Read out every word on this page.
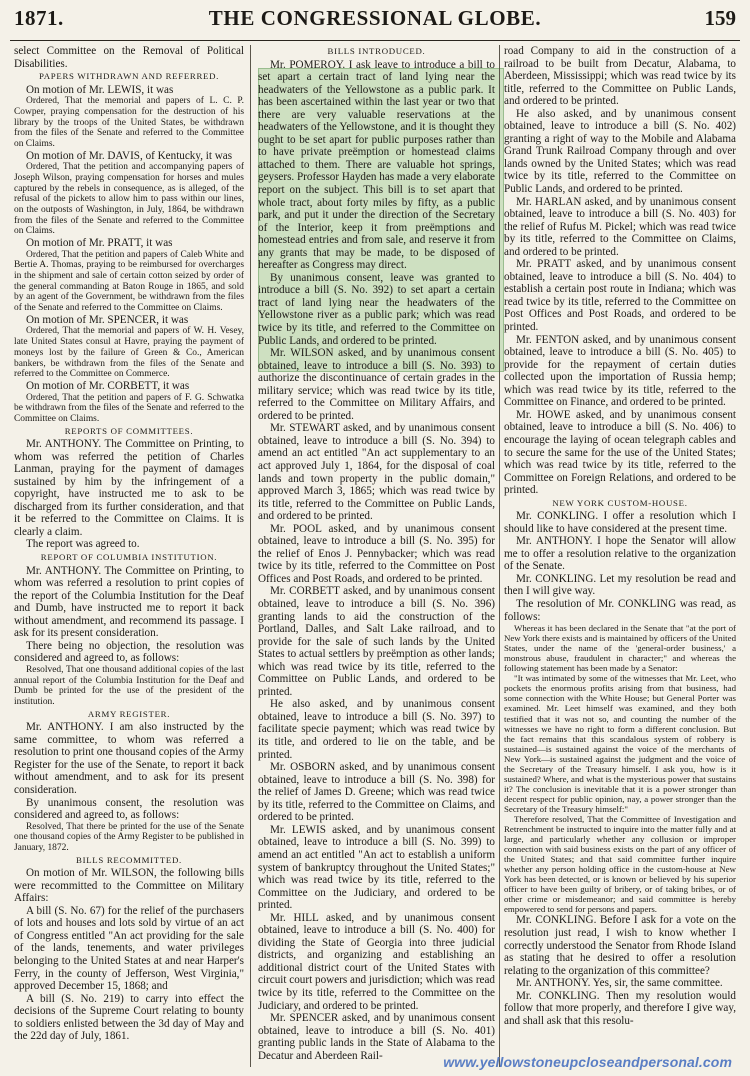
1871.	THE CONGRESSIONAL GLOBE.	159

select Committee on the Removal of Political Disabilities.

PAPERS WITHDRAWN AND REFERRED.

On motion of Mr. LEWIS, it was

Ordered, That the memorial and papers of L. C. P. Cowper, praying compensation for the destruction of his library by the troops of the United States, be withdrawn from the files of the Senate and referred to the Committee on Claims.

On motion of Mr. DAVIS, of Kentucky, it was

Ordered, That the petition and accompanying papers of Joseph Wilson, praying compensation for horses and mules captured by the rebels in consequence, as is alleged, of the refusal of the pickets to allow him to pass within our lines, on the outposts of Washington, in July, 1864, be withdrawn from the files of the Senate and referred to the Committee on Claims.

On motion of Mr. PRATT, it was

Ordered, That the petition and papers of Caleb White and Bertie A. Thomas, praying to be reimbursed for overcharges in the shipment and sale of certain cotton seized by order of the general commanding at Baton Rouge in 1865, and sold by an agent of the Government, be withdrawn from the files of the Senate and referred to the Committee on Claims.

On motion of Mr. SPENCER, it was

Ordered, That the memorial and papers of W. H. Vesey, late United States consul at Havre, praying the payment of moneys lost by the failure of Green & Co., American bankers, be withdrawn from the files of the Senate and referred to the Committee on Commerce.

On motion of Mr. CORBETT, it was

Ordered, That the petition and papers of F. G. Schwatka be withdrawn from the files of the Senate and referred to the Committee on Claims.

REPORTS OF COMMITTEES.

Mr. ANTHONY. The Committee on Printing, to whom was referred the petition of Charles Lanman, praying for the payment of damages sustained by him by the infringement of a copyright, have instructed me to ask to be discharged from its further consideration, and that it be referred to the Committee on Claims. It is clearly a claim.

The report was agreed to.

REPORT OF COLUMBIA INSTITUTION.

Mr. ANTHONY. The Committee on Printing, to whom was referred a resolution to print copies of the report of the Columbia Institution for the Deaf and Dumb, have instructed me to report it back without amendment, and recommend its passage. I ask for its present consideration.

There being no objection, the resolution was considered and agreed to, as follows:

Resolved, That one thousand additional copies of the last annual report of the Columbia Institution for the Deaf and Dumb be printed for the use of the president of the institution.

ARMY REGISTER.

Mr. ANTHONY. I am also instructed by the same committee, to whom was referred a resolution to print one thousand copies of the Army Register for the use of the Senate, to report it back without amendment, and to ask for its present consideration.

By unanimous consent, the resolution was considered and agreed to, as follows:

Resolved, That there be printed for the use of the Senate one thousand copies of the Army Register to be published in January, 1872.

BILLS RECOMMITTED.

On motion of Mr. WILSON, the following bills were recommitted to the Committee on Military Affairs:

A bill (S. No. 67) for the relief of the purchasers of lots and houses and lots sold by virtue of an act of Congress entitled "An act providing for the sale of the lands, tenements, and water privileges belonging to the United States at and near Harper's Ferry, in the county of Jefferson, West Virginia," approved December 15, 1868; and

A bill (S. No. 219) to carry into effect the decisions of the Supreme Court relating to bounty to soldiers enlisted between the 3d day of May and the 22d day of July, 1861.

BILLS INTRODUCED.

Mr. POMEROY. I ask leave to introduce a bill to set apart a certain tract of land lying near the headwaters of the Yellowstone as a public park. It has been ascertained within the last year or two that there are very valuable reservations at the headwaters of the Yellowstone, and it is thought they ought to be set apart for public purposes rather than to have private preëmption or homestead claims attached to them. There are valuable hot springs, geysers. Professor Hayden has made a very elaborate report on the subject. This bill is to set apart that whole tract, about forty miles by fifty, as a public park, and put it under the direction of the Secretary of the Interior, keep it from preëmptions and homestead entries and from sale, and reserve it from any grants that may be made, to be disposed of hereafter as Congress may direct.

By unanimous consent, leave was granted to introduce a bill (S. No. 392) to set apart a certain tract of land lying near the headwaters of the Yellowstone river as a public park; which was read twice by its title, and referred to the Committee on Public Lands, and ordered to be printed.

Mr. WILSON asked, and by unanimous consent obtained, leave to introduce a bill (S. No. 393) to authorize the discontinuance of certain grades in the military service; which was read twice by its title, referred to the Committee on Military Affairs, and ordered to be printed.

Mr. STEWART asked, and by unanimous consent obtained, leave to introduce a bill (S. No. 394) to amend an act entitled "An act supplementary to an act approved July 1, 1864, for the disposal of coal lands and town property in the public domain," approved March 3, 1865; which was read twice by its title, referred to the Committee on Public Lands, and ordered to be printed.

Mr. POOL asked, and by unanimous consent obtained, leave to introduce a bill (S. No. 395) for the relief of Enos J. Pennybacker; which was read twice by its title, referred to the Committee on Post Offices and Post Roads, and ordered to be printed.

Mr. CORBETT asked, and by unanimous consent obtained, leave to introduce a bill (S. No. 396) granting lands to aid the construction of the Portland, Dalles, and Salt Lake railroad, and to provide for the sale of such lands by the United States to actual settlers by preëmption as other lands; which was read twice by its title, referred to the Committee on Public Lands, and ordered to be printed.

He also asked, and by unanimous consent obtained, leave to introduce a bill (S. No. 397) to facilitate specie payment; which was read twice by its title, and ordered to lie on the table, and be printed.

Mr. OSBORN asked, and by unanimous consent obtained, leave to introduce a bill (S. No. 398) for the relief of James D. Greene; which was read twice by its title, referred to the Committee on Claims, and ordered to be printed.

Mr. LEWIS asked, and by unanimous consent obtained, leave to introduce a bill (S. No. 399) to amend an act entitled "An act to establish a uniform system of bankruptcy throughout the United States;" which was read twice by its title, referred to the Committee on the Judiciary, and ordered to be printed.

Mr. HILL asked, and by unanimous consent obtained, leave to introduce a bill (S. No. 400) for dividing the State of Georgia into three judicial districts, and organizing and establishing an additional district court of the United States with circuit court powers and jurisdiction; which was read twice by its title, referred to the Committee on the Judiciary, and ordered to be printed.

Mr. SPENCER asked, and by unanimous consent obtained, leave to introduce a bill (S. No. 401) granting public lands in the State of Alabama to the Decatur and Aberdeen Rail-

road Company to aid in the construction of a railroad to be built from Decatur, Alabama, to Aberdeen, Mississippi; which was read twice by its title, referred to the Committee on Public Lands, and ordered to be printed.

He also asked, and by unanimous consent obtained, leave to introduce a bill (S. No. 402) granting a right of way to the Mobile and Alabama Grand Trunk Railroad Company through and over lands owned by the United States; which was read twice by its title, referred to the Committee on Public Lands, and ordered to be printed.

Mr. HARLAN asked, and by unanimous consent obtained, leave to introduce a bill (S. No. 403) for the relief of Rufus M. Pickel; which was read twice by its title, referred to the Committee on Claims, and ordered to be printed.

Mr. PRATT asked, and by unanimous consent obtained, leave to introduce a bill (S. No. 404) to establish a certain post route in Indiana; which was read twice by its title, referred to the Committee on Post Offices and Post Roads, and ordered to be printed.

Mr. FENTON asked, and by unanimous consent obtained, leave to introduce a bill (S. No. 405) to provide for the repayment of certain duties collected upon the importation of Russia hemp; which was read twice by its title, referred to the Committee on Finance, and ordered to be printed.

Mr. HOWE asked, and by unanimous consent obtained, leave to introduce a bill (S. No. 406) to encourage the laying of ocean telegraph cables and to secure the same for the use of the United States; which was read twice by its title, referred to the Committee on Foreign Relations, and ordered to be printed.

NEW YORK CUSTOM-HOUSE.

Mr. CONKLING. I offer a resolution which I should like to have considered at the present time.

Mr. ANTHONY. I hope the Senator will allow me to offer a resolution relative to the organization of the Senate.

Mr. CONKLING. Let my resolution be read and then I will give way.

The resolution of Mr. CONKLING was read, as follows:

Whereas it has been declared in the Senate that "at the port of New York there exists and is maintained by officers of the United States, under the name of the 'general-order business,' a monstrous abuse, fraudulent in character;" and whereas the following statement has been made by a Senator:

"It was intimated by some of the witnesses that Mr. Leet, who pockets the enormous profits arising from that business, had some connection with the White House; but General Porter was examined. Mr. Leet himself was examined, and they both testified that it was not so, and counting the number of the witnesses we have no right to form a different conclusion. But the fact remains that this scandalous system of robbery is sustained—is sustained against the voice of the merchants of New York—is sustained against the judgment and the voice of the Secretary of the Treasury himself. I ask you, how is it sustained? Where, and what is the mysterious power that sustains it? The conclusion is inevitable that it is a power stronger than decent respect for public opinion, nay, a power stronger than the Secretary of the Treasury himself:"

Therefore resolved, That the Committee of Investigation and Retrenchment be instructed to inquire into the matter fully and at large, and particularly whether any collusion or improper connection with said business exists on the part of any officer of the United States; and that said committee further inquire whether any person holding office in the custom-house at New York has been detected, or is known or believed by his superior officer to have been guilty of bribery, or of taking bribes, or of other crime or misdemeanor; and said committee is hereby empowered to send for persons and papers.

Mr. CONKLING. Before I ask for a vote on the resolution just read, I wish to know whether I correctly understood the Senator from Rhode Island as stating that he desired to offer a resolution relating to the organization of this committee?

Mr. ANTHONY. Yes, sir, the same committee.

Mr. CONKLING. Then my resolution would follow that more properly, and therefore I give way, and shall ask that this resolu-

www.yellowstoneupcloseandpersonal.com
